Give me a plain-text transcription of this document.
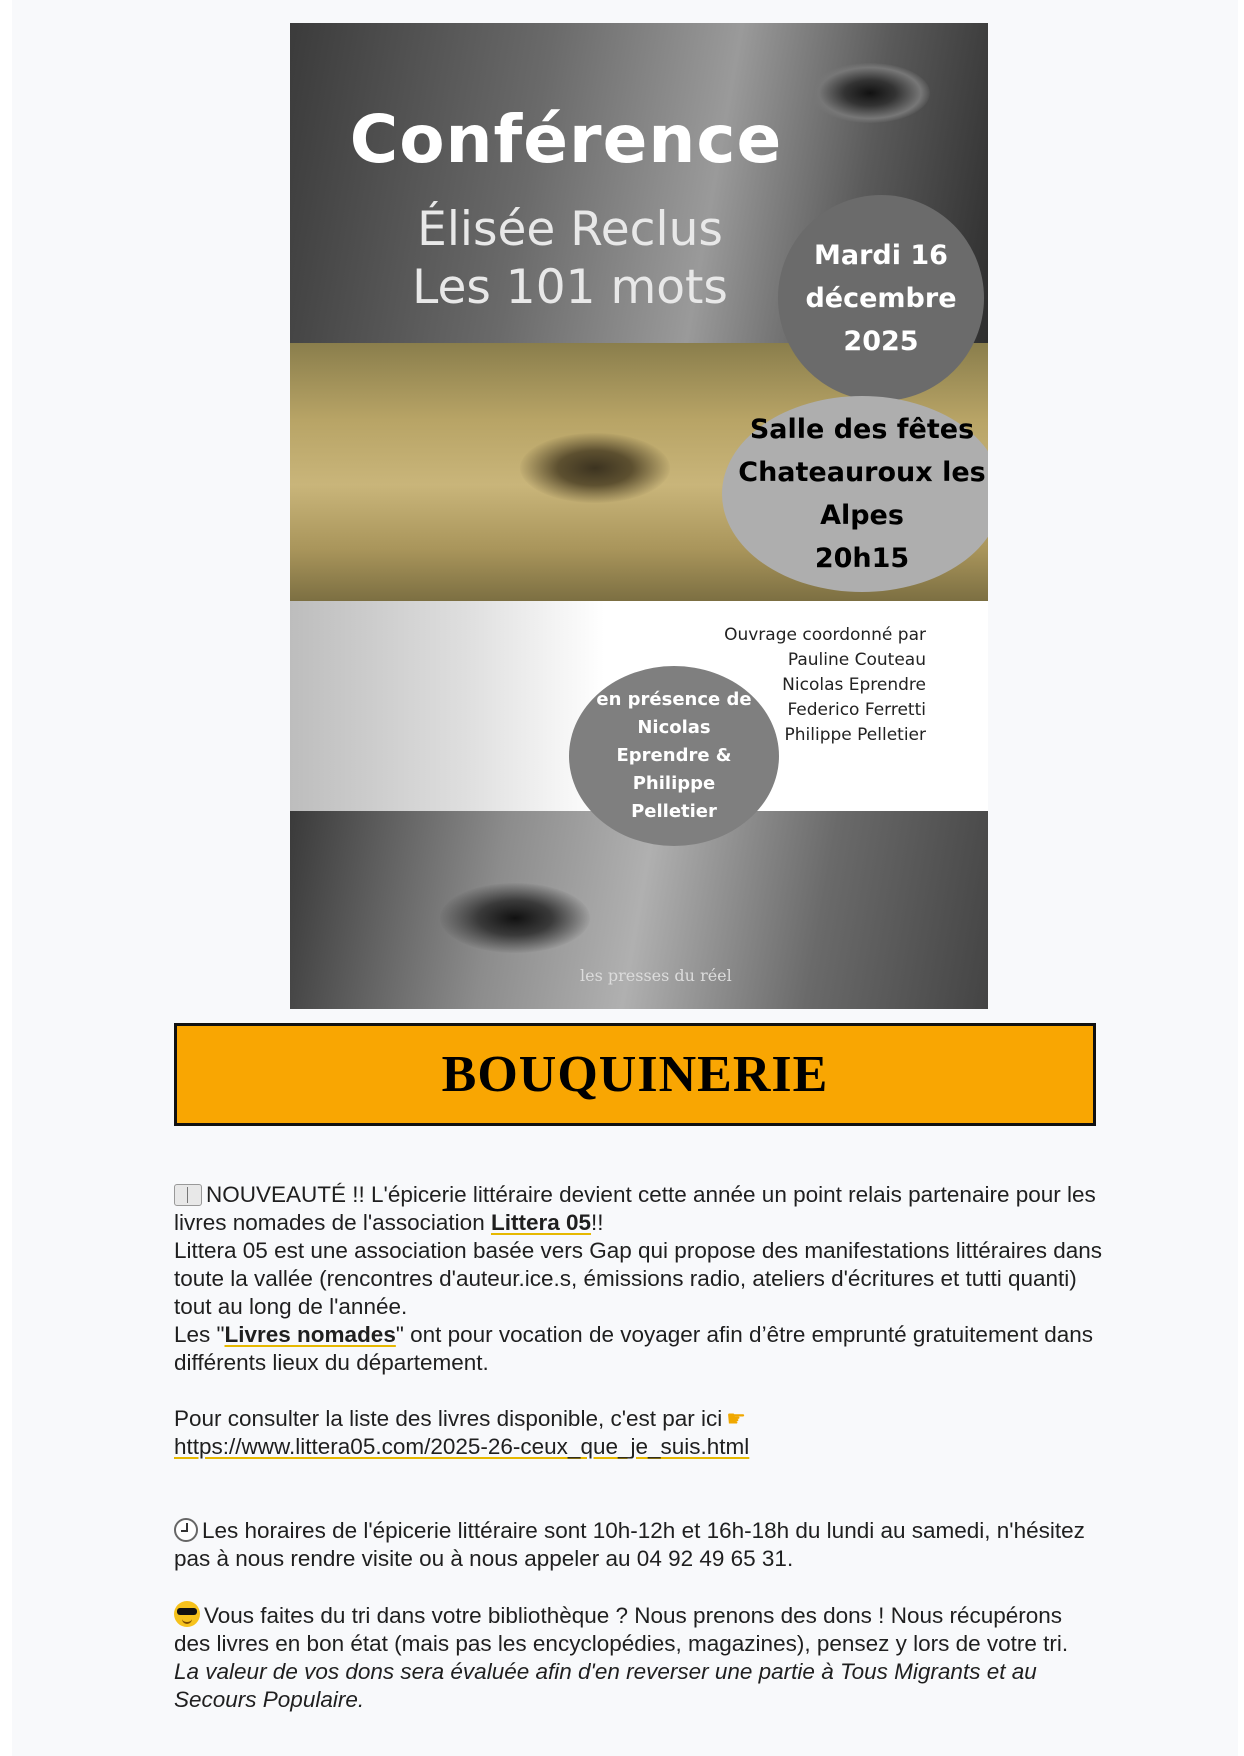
Conférence
Élisée Reclus
Les 101 mots
Mardi 16
décembre
2025
Salle des fêtes
Chateauroux les
Alpes
20h15
Ouvrage coordonné par
Pauline Couteau
Nicolas Eprendre
Federico Ferretti
Philippe Pelletier
en présence de
Nicolas
Eprendre &
Philippe
Pelletier
les presses du réel
BOUQUINERIE

NOUVEAUTÉ !! L'épicerie littéraire devient cette année un point relais partenaire pour les livres nomades de l'association Littera 05!!

Littera 05 est une association basée vers Gap qui propose des manifestations littéraires dans toute la vallée (rencontres d'auteur.ice.s, émissions radio, ateliers d'écritures et tutti quanti) tout au long de l'année.

Les "Livres nomades" ont pour vocation de voyager afin d’être emprunté gratuitement dans différents lieux du département.

Pour consulter la liste des livres disponible, c'est par ici ☛

https://www.littera05.com/2025-26-ceux_que_je_suis.html

Les horaires de l'épicerie littéraire sont 10h-12h et 16h-18h du lundi au samedi, n'hésitez pas à nous rendre visite ou à nous appeler au 04 92 49 65 31.

Vous faites du tri dans votre bibliothèque ? Nous prenons des dons ! Nous récupérons des livres en bon état (mais pas les encyclopédies, magazines), pensez y lors de votre tri.

La valeur de vos dons sera évaluée afin d'en reverser une partie à Tous Migrants et au Secours Populaire.
